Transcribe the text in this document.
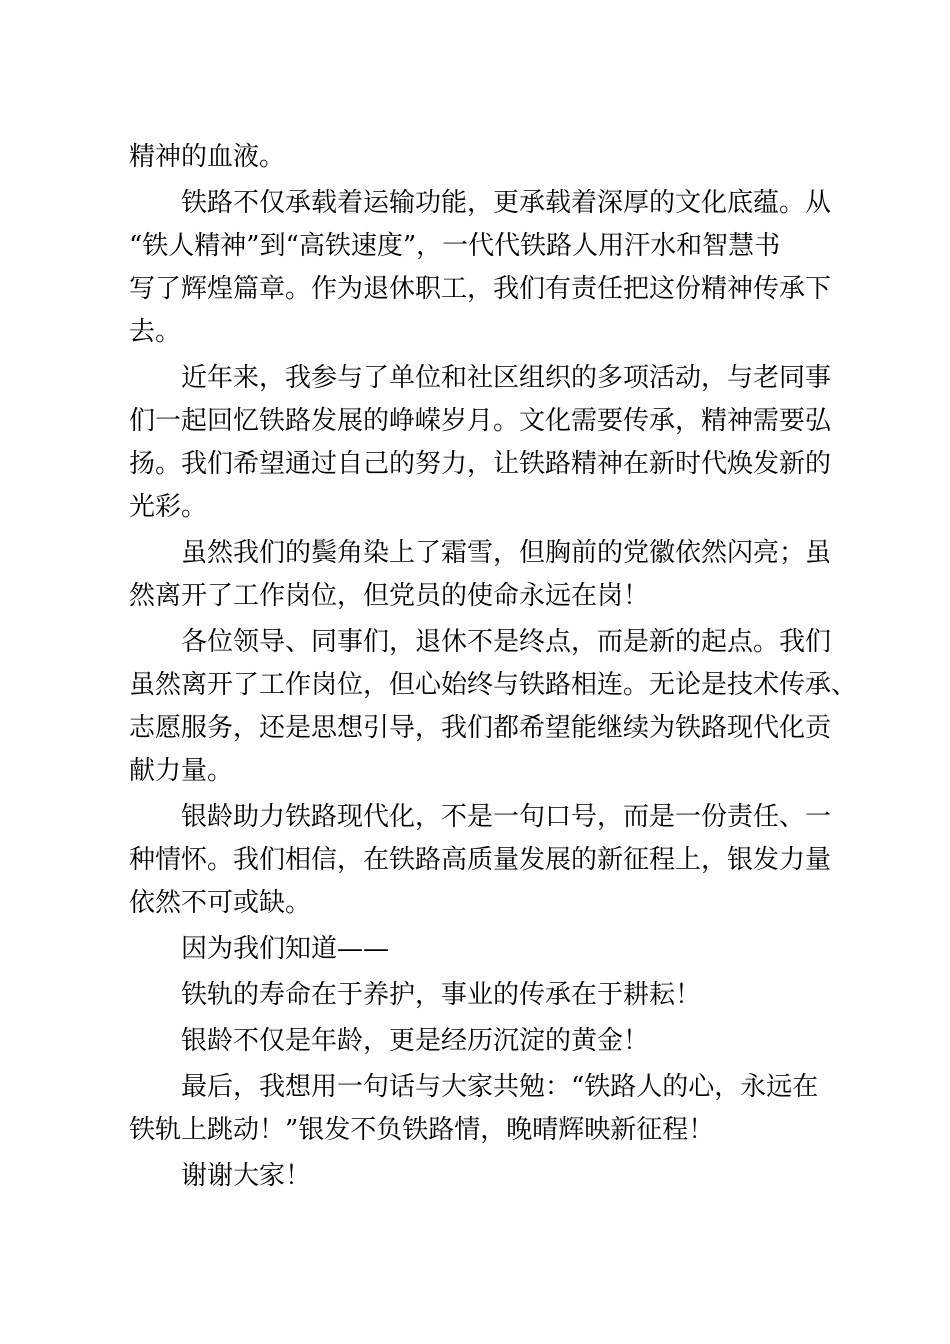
精神的血液。

铁路不仅承载着运输功能，更承载着深厚的文化底蕴。从

“铁人精神”到“高铁速度”，一代代铁路人用汗水和智慧书

写了辉煌篇章。作为退休职工，我们有责任把这份精神传承下

去。

近年来，我参与了单位和社区组织的多项活动，与老同事

们一起回忆铁路发展的峥嵘岁月。文化需要传承，精神需要弘

扬。我们希望通过自己的努力，让铁路精神在新时代焕发新的

光彩。

虽然我们的鬓角染上了霜雪，但胸前的党徽依然闪亮；虽

然离开了工作岗位，但党员的使命永远在岗！

各位领导、同事们，退休不是终点，而是新的起点。我们

虽然离开了工作岗位，但心始终与铁路相连。无论是技术传承、

志愿服务，还是思想引导，我们都希望能继续为铁路现代化贡

献力量。

银龄助力铁路现代化，不是一句口号，而是一份责任、一

种情怀。我们相信，在铁路高质量发展的新征程上，银发力量

依然不可或缺。

因为我们知道——

铁轨的寿命在于养护，事业的传承在于耕耘！

银龄不仅是年龄，更是经历沉淀的黄金！

最后，我想用一句话与大家共勉：“铁路人的心，永远在

铁轨上跳动！”银发不负铁路情，晚晴辉映新征程！

谢谢大家！
